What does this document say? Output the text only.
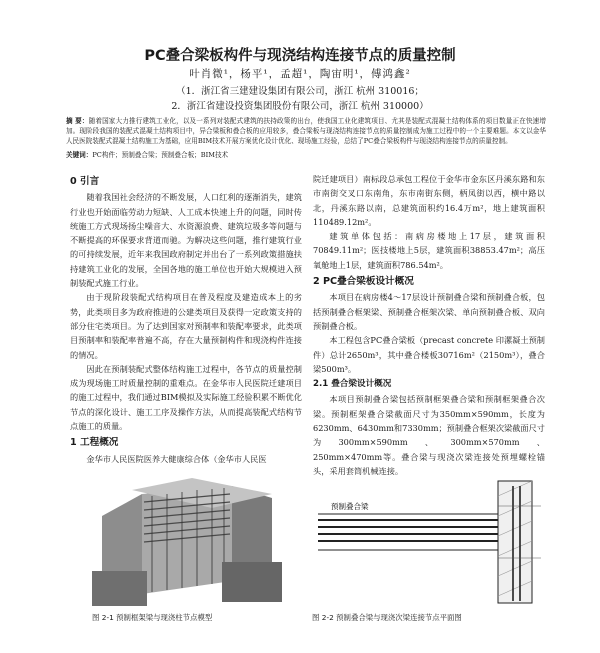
PC叠合梁板构件与现浇结构连接节点的质量控制
叶肖微¹，杨平¹，孟超¹，陶宙明¹，傅鸿鑫²
（1．浙江省三建建设集团有限公司，浙江 杭州 310016；
2．浙江省建设投资集团股份有限公司，浙江 杭州 310000）
摘 要：随着国家大力推行建筑工业化，以及一系列对装配式建筑的扶持政策的出台，使我国工业化建筑项目、尤其是装配式混凝土结构体系的项目数量正在快速增加。现阶段我国的装配式混凝土结构项目中，异合梁板和叠合板的应用较多，叠合梁板与现浇结构连接节点的质量控制成为施工过程中的一个主要难题。本文以金华人民医院装配式混凝土结构施工为基础，应用BIM技术开展方案优化设计优化、现场施工经验，总结了PC叠合梁板构件与现浇结构连接节点的质量控制。
关键词：PC构件；预制叠合梁；预制叠合板；BIM技术
0 引言

随着我国社会经济的不断发展，人口红利的逐渐消失，建筑行业也开始面临劳动力短缺、人工成本快速上升的问题，同时传统施工方式现场扬尘噪音大、水资源浪费、建筑垃圾多等问题与不断提高的环保要求背道而驰。为解决这些问题，推行建筑行业的可持续发展，近年来我国政府制定并出台了一系列政策措施扶持建筑工业化的发展，全国各地的施工单位也开始大规模进入预制装配式施工行业。

由于现阶段装配式结构项目在普及程度及建造成本上的劣势，此类项目多为政府推进的公建类项目及获得一定政策支持的部分住宅类项目。为了达到国家对预制率和装配率要求，此类项目预制率和装配率普遍不高，存在大量预制构件和现浇构件连接的情况。

因此在预制装配式整体结构施工过程中，各节点的质量控制成为现场施工时质量控制的重难点。在金华市人民医院迁建项目的施工过程中，我们通过BIM模拟及实际施工经验积累不断优化节点的深化设计、施工工序及操作方法，从而提高装配式结构节点施工的质量。

1 工程概况

金华市人民医院医养大健康综合体（金华市人民医

院迁建项目）南标段总承包工程位于金华市金东区丹溪东路和东市南街交叉口东南角，东市南街东侧，柄凤街以西，横中路以北，丹溪东路以南，总建筑面积约16.4万m²，地上建筑面积110489.12m²。

建筑单体包括：南病房楼地上17层，建筑面积70849.11m²；医技楼地上5层，建筑面积38853.47m²；高压氧舱地上1层，建筑面积786.54m²。

2 PC叠合梁板设计概况

本项目在病房楼4～17层设计预制叠合梁和预制叠合板，包括预制叠合框架梁、预制叠合框架次梁、单向预制叠合板、双向预制叠合板。

本工程包含PC叠合梁板（precast concrete 印漯凝土预制件）总计2650m³，其中叠合楼板30716m²（2150m³），叠合梁500m³。

2.1 叠合梁设计概况

本项目预制叠合梁包括预制框架叠合梁和预制框架叠合次梁。预制框架叠合梁截面尺寸为350mm×590mm，长度为6230mm、6430mm和7330mm；预制叠合框架次梁截面尺寸为300mm×590mm、300mm×570mm、250mm×470mm等。叠合梁与现浇次梁连接处预埋螺栓锚头，采用套筒机械连接。

预制叠合梁
图 2-1 预制框架梁与现浇柱节点模型	图 2-2 预制叠合梁与现浇次梁连接节点平面图
